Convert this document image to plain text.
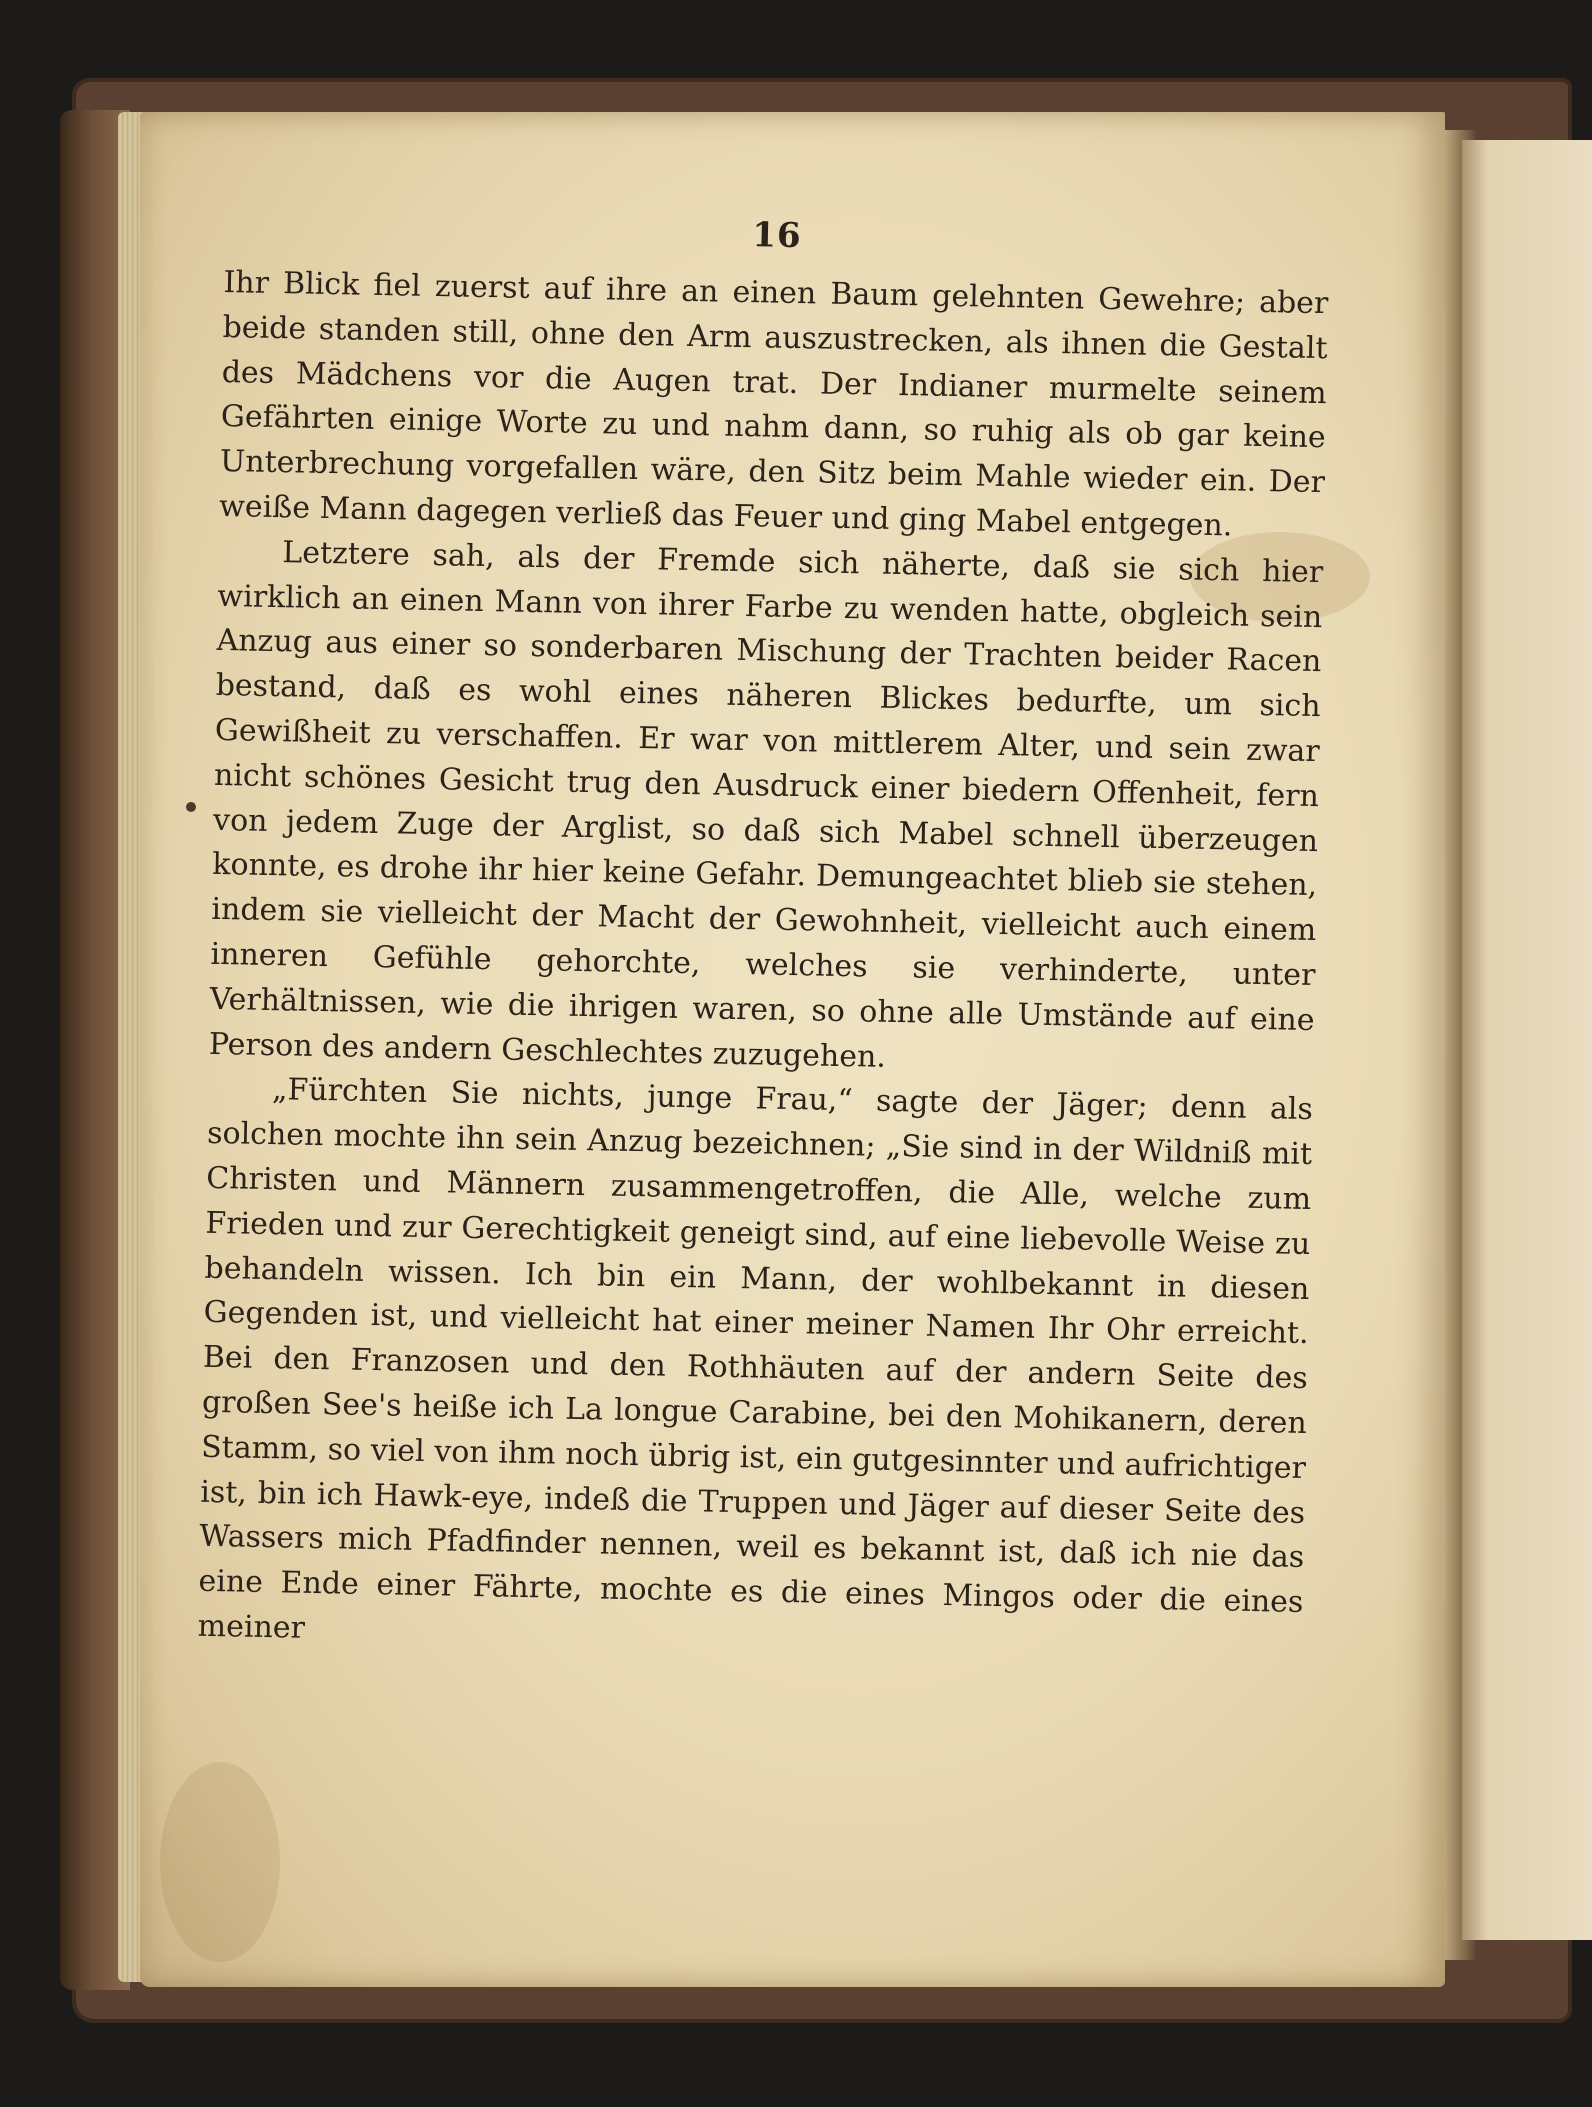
16

Ihr Blick fiel zuerst auf ihre an einen Baum gelehnten Gewehre; aber beide standen still, ohne den Arm auszustrecken, als ihnen die Gestalt des Mädchens vor die Augen trat. Der Indianer murmelte seinem Gefährten einige Worte zu und nahm dann, so ruhig als ob gar keine Unterbrechung vorgefallen wäre, den Sitz beim Mahle wieder ein. Der weiße Mann dagegen verließ das Feuer und ging Mabel entgegen.

Letztere sah, als der Fremde sich näherte, daß sie sich hier wirklich an einen Mann von ihrer Farbe zu wenden hatte, obgleich sein Anzug aus einer so sonderbaren Mischung der Trachten beider Racen bestand, daß es wohl eines näheren Blickes bedurfte, um sich Gewißheit zu verschaffen. Er war von mittlerem Alter, und sein zwar nicht schönes Gesicht trug den Ausdruck einer biedern Offenheit, fern von jedem Zuge der Arglist, so daß sich Mabel schnell überzeugen konnte, es drohe ihr hier keine Gefahr. Demungeachtet blieb sie stehen, indem sie vielleicht der Macht der Gewohnheit, vielleicht auch einem inneren Gefühle gehorchte, welches sie verhinderte, unter Verhältnissen, wie die ihrigen waren, so ohne alle Umstände auf eine Person des andern Geschlechtes zuzugehen.

„Fürchten Sie nichts, junge Frau,“ sagte der Jäger; denn als solchen mochte ihn sein Anzug bezeichnen; „Sie sind in der Wildniß mit Christen und Männern zusammengetroffen, die Alle, welche zum Frieden und zur Gerechtigkeit geneigt sind, auf eine liebevolle Weise zu behandeln wissen. Ich bin ein Mann, der wohlbekannt in diesen Gegenden ist, und vielleicht hat einer meiner Namen Ihr Ohr erreicht. Bei den Franzosen und den Rothhäuten auf der andern Seite des großen See's heiße ich La longue Carabine, bei den Mohikanern, deren Stamm, so viel von ihm noch übrig ist, ein gutgesinnter und aufrichtiger ist, bin ich Hawk-eye, indeß die Truppen und Jäger auf dieser Seite des Wassers mich Pfadfinder nennen, weil es bekannt ist, daß ich nie das eine Ende einer Fährte, mochte es die eines Mingos oder die eines meiner
